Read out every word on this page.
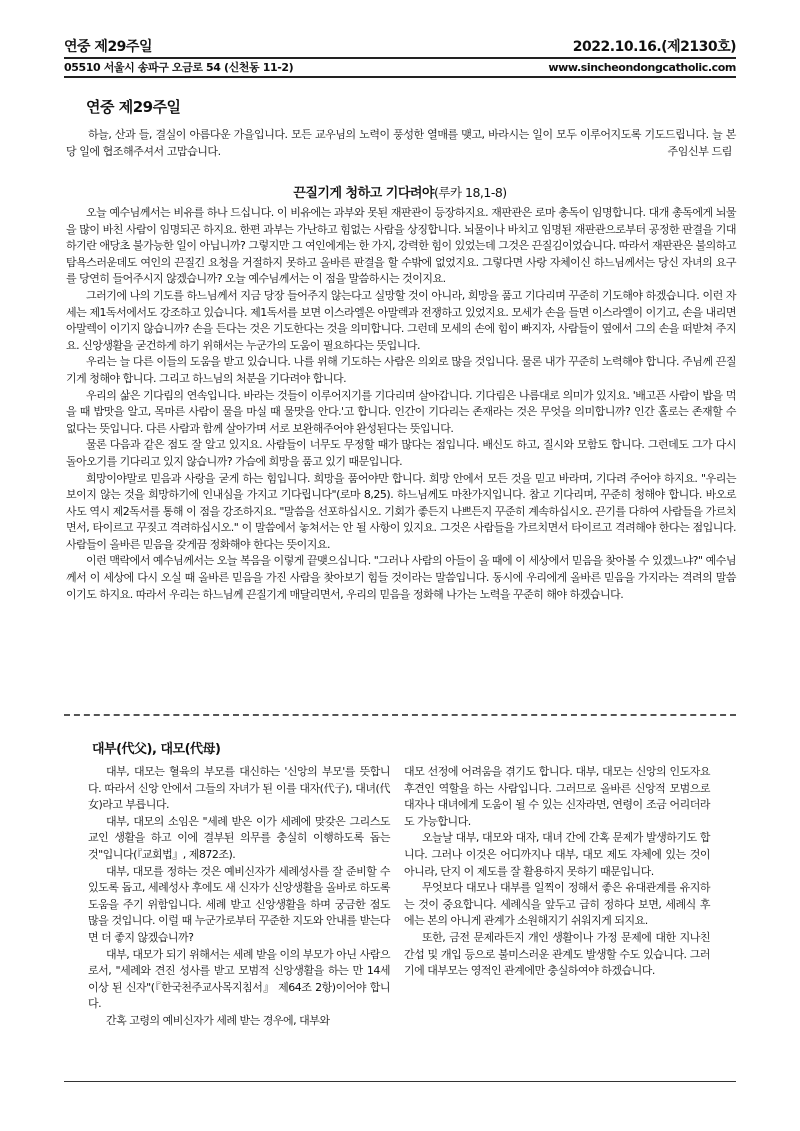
연중 제29주일	2022.10.16.(제2130호)
05510 서울시 송파구 오금로 54 (신천동 11-2)	www.sincheondongcatholic.com
연중 제29주일

하늘, 산과 들, 결실이 아름다운 가을입니다. 모든 교우님의 노력이 풍성한 열매를 맺고, 바라시는 일이 모두 이루어지도록 기도드립니다. 늘 본당 일에 협조해주셔서 고맙습니다.	주임신부 드림
끈질기게 청하고 기다려야(루카 18,1-8)

오늘 예수님께서는 비유를 하나 드십니다. 이 비유에는 과부와 못된 재판관이 등장하지요. 재판관은 로마 총독이 임명합니다. 대개 총독에게 뇌물을 많이 바친 사람이 임명되곤 하지요. 한편 과부는 가난하고 힘없는 사람을 상징합니다. 뇌물이나 바치고 임명된 재판관으로부터 공정한 판결을 기대하기란 애당초 불가능한 일이 아닙니까? 그렇지만 그 여인에게는 한 가지, 강력한 힘이 있었는데 그것은 끈질김이었습니다. 따라서 재판관은 불의하고 탐욕스러운데도 여인의 끈질긴 요청을 거절하지 못하고 올바른 판결을 할 수밖에 없었지요. 그렇다면 사랑 자체이신 하느님께서는 당신 자녀의 요구를 당연히 들어주시지 않겠습니까? 오늘 예수님께서는 이 점을 말씀하시는 것이지요.

그러기에 나의 기도를 하느님께서 지금 당장 들어주지 않는다고 실망할 것이 아니라, 희망을 품고 기다리며 꾸준히 기도해야 하겠습니다. 이런 자세는 제1독서에서도 강조하고 있습니다. 제1독서를 보면 이스라엘은 아말렉과 전쟁하고 있었지요. 모세가 손을 들면 이스라엘이 이기고, 손을 내리면 아말렉이 이기지 않습니까? 손을 든다는 것은 기도한다는 것을 의미합니다. 그런데 모세의 손에 힘이 빠지자, 사람들이 옆에서 그의 손을 떠받쳐 주지요. 신앙생활을 굳건하게 하기 위해서는 누군가의 도움이 필요하다는 뜻입니다.

우리는 늘 다른 이들의 도움을 받고 있습니다. 나를 위해 기도하는 사람은 의외로 많을 것입니다. 물론 내가 꾸준히 노력해야 합니다. 주님께 끈질기게 청해야 합니다. 그리고 하느님의 처분을 기다려야 합니다.

우리의 삶은 기다림의 연속입니다. 바라는 것들이 이루어지기를 기다리며 살아갑니다. 기다림은 나름대로 의미가 있지요. '배고픈 사람이 밥을 먹을 때 밥맛을 알고, 목마른 사람이 물을 마실 때 물맛을 안다.'고 합니다. 인간이 기다리는 존재라는 것은 무엇을 의미합니까? 인간 홀로는 존재할 수 없다는 뜻입니다. 다른 사람과 함께 살아가며 서로 보완해주어야 완성된다는 뜻입니다.

물론 다음과 같은 점도 잘 알고 있지요. 사람들이 너무도 무정할 때가 많다는 점입니다. 배신도 하고, 질시와 모함도 합니다. 그런데도 그가 다시 돌아오기를 기다리고 있지 않습니까? 가슴에 희망을 품고 있기 때문입니다.

희망이야말로 믿음과 사랑을 굳게 하는 힘입니다. 희망을 품어야만 합니다. 희망 안에서 모든 것을 믿고 바라며, 기다려 주어야 하지요. "우리는 보이지 않는 것을 희망하기에 인내심을 가지고 기다립니다"(로마 8,25). 하느님께도 마찬가지입니다. 참고 기다리며, 꾸준히 청해야 합니다. 바오로 사도 역시 제2독서를 통해 이 점을 강조하지요. "말씀을 선포하십시오. 기회가 좋든지 나쁘든지 꾸준히 계속하십시오. 끈기를 다하여 사람들을 가르치면서, 타이르고 꾸짖고 격려하십시오." 이 말씀에서 놓쳐서는 안 될 사항이 있지요. 그것은 사람들을 가르치면서 타이르고 격려해야 한다는 점입니다. 사람들이 올바른 믿음을 갖게끔 정화해야 한다는 뜻이지요.

이런 맥락에서 예수님께서는 오늘 복음을 이렇게 끝맺으십니다. "그러나 사람의 아들이 올 때에 이 세상에서 믿음을 찾아볼 수 있겠느냐?" 예수님께서 이 세상에 다시 오실 때 올바른 믿음을 가진 사람을 찾아보기 힘들 것이라는 말씀입니다. 동시에 우리에게 올바른 믿음을 가지라는 격려의 말씀이기도 하지요. 따라서 우리는 하느님께 끈질기게 매달리면서, 우리의 믿음을 정화해 나가는 노력을 꾸준히 해야 하겠습니다.

대부(代父), 대모(代母)

대부, 대모는 혈육의 부모를 대신하는 '신앙의 부모'를 뜻합니다. 따라서 신앙 안에서 그들의 자녀가 된 이를 대자(代子), 대녀(代女)라고 부릅니다.

대부, 대모의 소임은 "세례 받은 이가 세례에 맞갖은 그리스도교인 생활을 하고 이에 결부된 의무를 충실히 이행하도록 돕는 것"입니다(『교회법』, 제872조).

대부, 대모를 정하는 것은 예비신자가 세례성사를 잘 준비할 수 있도록 돕고, 세례성사 후에도 새 신자가 신앙생활을 올바로 하도록 도움을 주기 위함입니다. 세례 받고 신앙생활을 하며 궁금한 점도 많을 것입니다. 이럴 때 누군가로부터 꾸준한 지도와 안내를 받는다면 더 좋지 않겠습니까?

대부, 대모가 되기 위해서는 세례 받을 이의 부모가 아닌 사람으로서, "세례와 견진 성사를 받고 모범적 신앙생활을 하는 만 14세 이상 된 신자"(『한국천주교사목지침서』 제64조 2항)이어야 합니다.

간혹 고령의 예비신자가 세례 받는 경우에, 대부와

대모 선정에 어려움을 겪기도 합니다. 대부, 대모는 신앙의 인도자요 후견인 역할을 하는 사람입니다. 그러므로 올바른 신앙적 모범으로 대자나 대녀에게 도움이 될 수 있는 신자라면, 연령이 조금 어리더라도 가능합니다.

오늘날 대부, 대모와 대자, 대녀 간에 간혹 문제가 발생하기도 합니다. 그러나 이것은 어디까지나 대부, 대모 제도 자체에 있는 것이 아니라, 단지 이 제도를 잘 활용하지 못하기 때문입니다.

무엇보다 대모나 대부를 일찍이 정해서 좋은 유대관계를 유지하는 것이 중요합니다. 세례식을 앞두고 급히 정하다 보면, 세례식 후에는 본의 아니게 관계가 소원해지기 쉬워지게 되지요.

또한, 금전 문제라든지 개인 생활이나 가정 문제에 대한 지나친 간섭 및 개입 등으로 불미스러운 관계도 발생할 수도 있습니다. 그러기에 대부모는 영적인 관계에만 충실하여야 하겠습니다.
